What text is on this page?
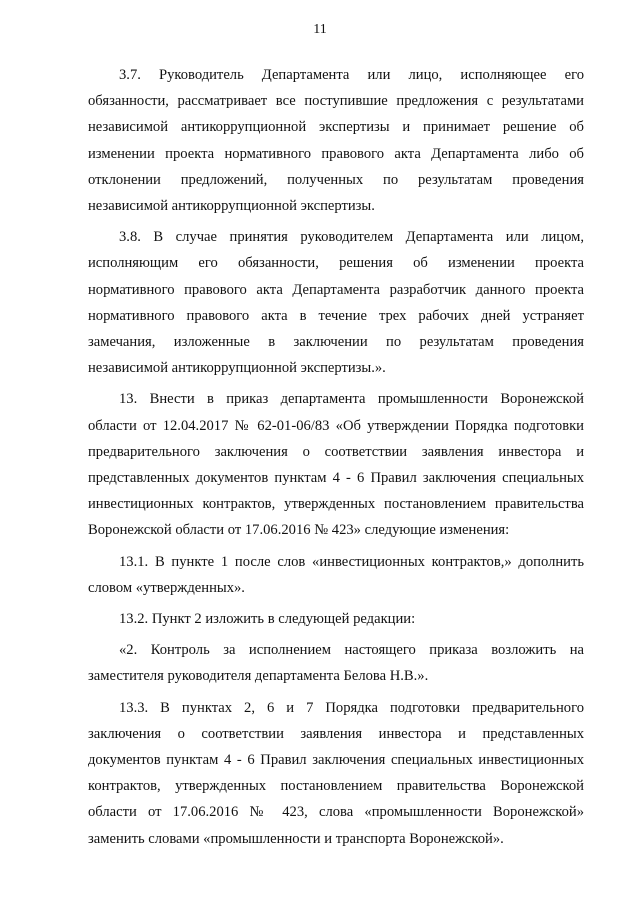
11
3.7. Руководитель Департамента или лицо, исполняющее его
обязанности, рассматривает все поступившие предложения с результатами
независимой антикоррупционной экспертизы и принимает решение об
изменении проекта нормативного правового акта Департамента либо об
отклонении предложений, полученных по результатам проведения
независимой антикоррупционной экспертизы.
3.8. В случае принятия руководителем Департамента или лицом,
исполняющим его обязанности, решения об изменении проекта
нормативного правового акта Департамента разработчик данного проекта
нормативного правового акта в течение трех рабочих дней устраняет
замечания, изложенные в заключении по результатам проведения
независимой антикоррупционной экспертизы.».
13. Внести в приказ департамента промышленности Воронежской
области от 12.04.2017 № 62-01-06/83 «Об утверждении Порядка подготовки
предварительного заключения о соответствии заявления инвестора и
представленных документов пунктам 4 - 6 Правил заключения специальных
инвестиционных контрактов, утвержденных постановлением правительства
Воронежской области от 17.06.2016 № 423» следующие изменения:
13.1. В пункте 1 после слов «инвестиционных контрактов,» дополнить
словом «утвержденных».
13.2. Пункт 2 изложить в следующей редакции:
«2. Контроль за исполнением настоящего приказа возложить на
заместителя руководителя департамента Белова Н.В.».
13.3. В пунктах 2, 6 и 7 Порядка подготовки предварительного
заключения о соответствии заявления инвестора и представленных
документов пунктам 4 - 6 Правил заключения специальных инвестиционных
контрактов, утвержденных постановлением правительства Воронежской
области от 17.06.2016 № 423, слова «промышленности Воронежской»
заменить словами «промышленности и транспорта Воронежской».
